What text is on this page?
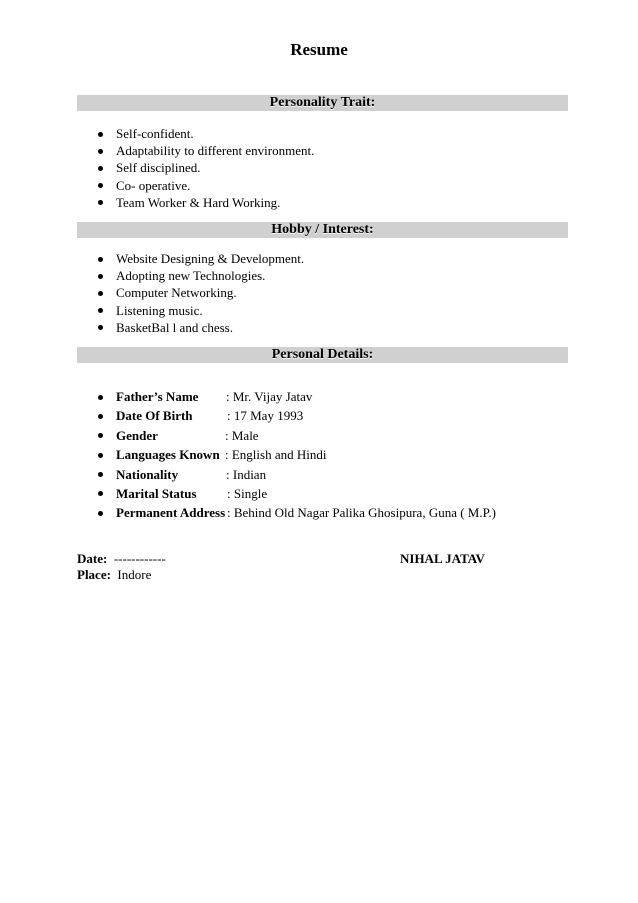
Resume
Personality Trait:
Self-confident.
Adaptability to different environment.
Self disciplined.
Co- operative.
Team Worker & Hard Working.
Hobby / Interest:
Website Designing & Development.
Adopting new Technologies.
Computer Networking.
Listening music.
BasketBal l and chess.
Personal Details:
Father’s Name : Mr. Vijay Jatav
Date Of Birth	: 17 May 1993
Gender	: Male
Languages Known : English and Hindi
Nationality	: Indian
Marital Status : Single
Permanent Address : Behind Old Nagar Palika Ghosipura, Guna ( M.P.)
Date: ------------
Place: Indore
NIHAL JATAV
